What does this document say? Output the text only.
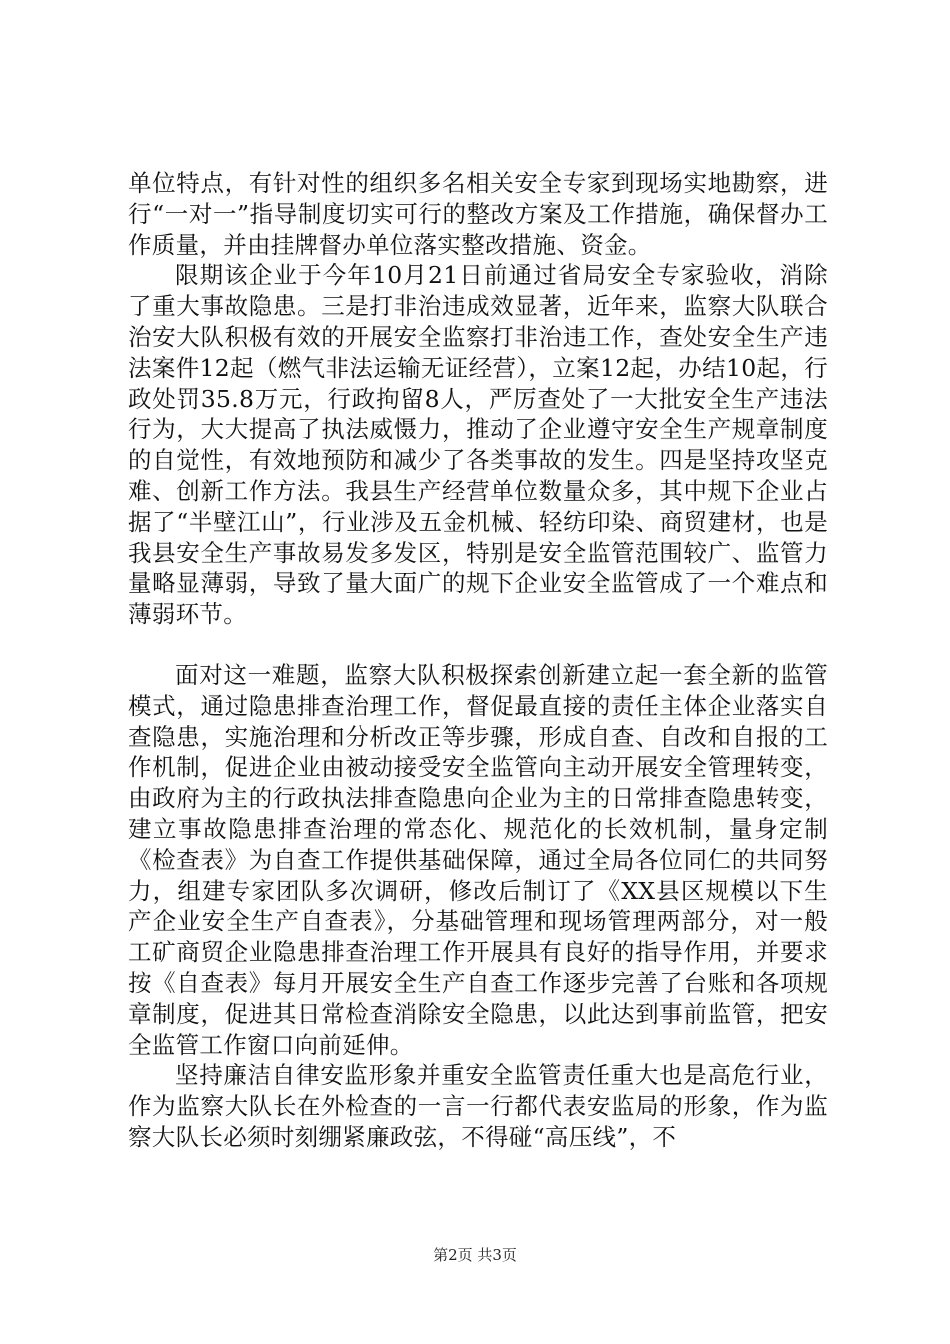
单位特点，有针对性的组织多名相关安全专家到现场实地勘察，进行“一对一”指导制度切实可行的整改方案及工作措施，确保督办工作质量，并由挂牌督办单位落实整改措施、资金。

限期该企业于今年10月21日前通过省局安全专家验收，消除了重大事故隐患。三是打非治违成效显著，近年来，监察大队联合治安大队积极有效的开展安全监察打非治违工作，查处安全生产违法案件12起（燃气非法运输无证经营），立案12起，办结10起，行政处罚35.8万元，行政拘留8人，严厉查处了一大批安全生产违法行为，大大提高了执法威慑力，推动了企业遵守安全生产规章制度的自觉性，有效地预防和减少了各类事故的发生。四是坚持攻坚克难、创新工作方法。我县生产经营单位数量众多，其中规下企业占据了“半壁江山”，行业涉及五金机械、轻纺印染、商贸建材，也是我县安全生产事故易发多发区，特别是安全监管范围较广、监管力量略显薄弱，导致了量大面广的规下企业安全监管成了一个难点和薄弱环节。

面对这一难题，监察大队积极探索创新建立起一套全新的监管模式，通过隐患排查治理工作，督促最直接的责任主体企业落实自查隐患，实施治理和分析改正等步骤，形成自查、自改和自报的工作机制，促进企业由被动接受安全监管向主动开展安全管理转变，由政府为主的行政执法排查隐患向企业为主的日常排查隐患转变，建立事故隐患排查治理的常态化、规范化的长效机制，量身定制《检查表》为自查工作提供基础保障，通过全局各位同仁的共同努力，组建专家团队多次调研，修改后制订了《XX县区规模以下生产企业安全生产自查表》，分基础管理和现场管理两部分，对一般工矿商贸企业隐患排查治理工作开展具有良好的指导作用，并要求按《自查表》每月开展安全生产自查工作逐步完善了台账和各项规章制度，促进其日常检查消除安全隐患，以此达到事前监管，把安全监管工作窗口向前延伸。

坚持廉洁自律安监形象并重安全监管责任重大也是高危行业，作为监察大队长在外检查的一言一行都代表安监局的形象，作为监察大队长必须时刻绷紧廉政弦，不得碰“高压线”，不

第2页 共3页
